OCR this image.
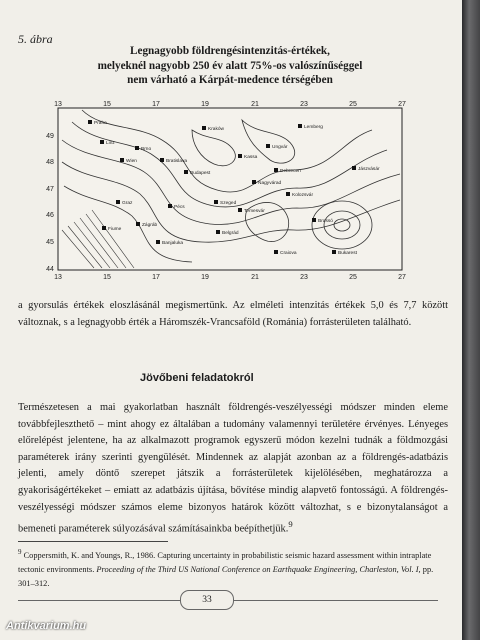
5. ábra
Legnagyobb földrengésintenzitás-értékek,
melyeknél nagyobb 250 év alatt 75%-os valószínűséggel
nem várható a Kárpát-medence térségében
13	15	17	19	21	23	25	27
13	15	17	19	21	23	25	27
49
48
47
46
45
44
Praha
Brno
Kraków	Lemberg
Wien	Bratislava
Budapest
Kassa
Ungvár
Szeged
Kolozsvár
Graz
Zágráb
Brassó
Bukarest
Belgrád
Temesvár
Jászvásár
Nagyvárad
Linz
Fiume
Pécs
Debrecen
Craiova
Banjaluka

a gyorsulás értékek eloszlásánál megismertünk. Az elméleti intenzitás értékek 5,0 és 7,7 között változnak, s a legnagyobb érték a Háromszék-Vrancsaföld (Románia) forrásterületen található.

Jövőbeni feladatokról

Természetesen a mai gyakorlatban használt földrengés-veszélyességi módszer minden eleme továbbfejleszthető – mint ahogy ez általában a tudomány valamennyi területére érvényes. Lényeges előrelépést jelentene, ha az alkalmazott programok egyszerű módon kezelni tudnák a földmozgási paraméterek irány szerinti gyengülését. Mindennek az alapját azonban az a földrengés-adatbázis jelenti, amely döntő szerepet játszik a forrásterületek kijelölésében, meghatározza a gyakoriságértékeket – emiatt az adatbázis újítása, bővítése mindig alapvető fontosságú. A földrengés-veszélyességi módszer számos eleme bizonyos határok között változhat, s e bizonytalanságot a bemeneti paraméterek súlyozásával számításainkba beépíthetjük.$^9$

$^9$ Coppersmith, K. and Youngs, R., 1986. Capturing uncertainty in probabilistic seismic hazard assessment within intraplate tectonic environments. Proceeding of the Third US National Conference on Earthquake Engineering, Charleston, Vol. I, pp. 301–312.

33
Antikvarium.hu
